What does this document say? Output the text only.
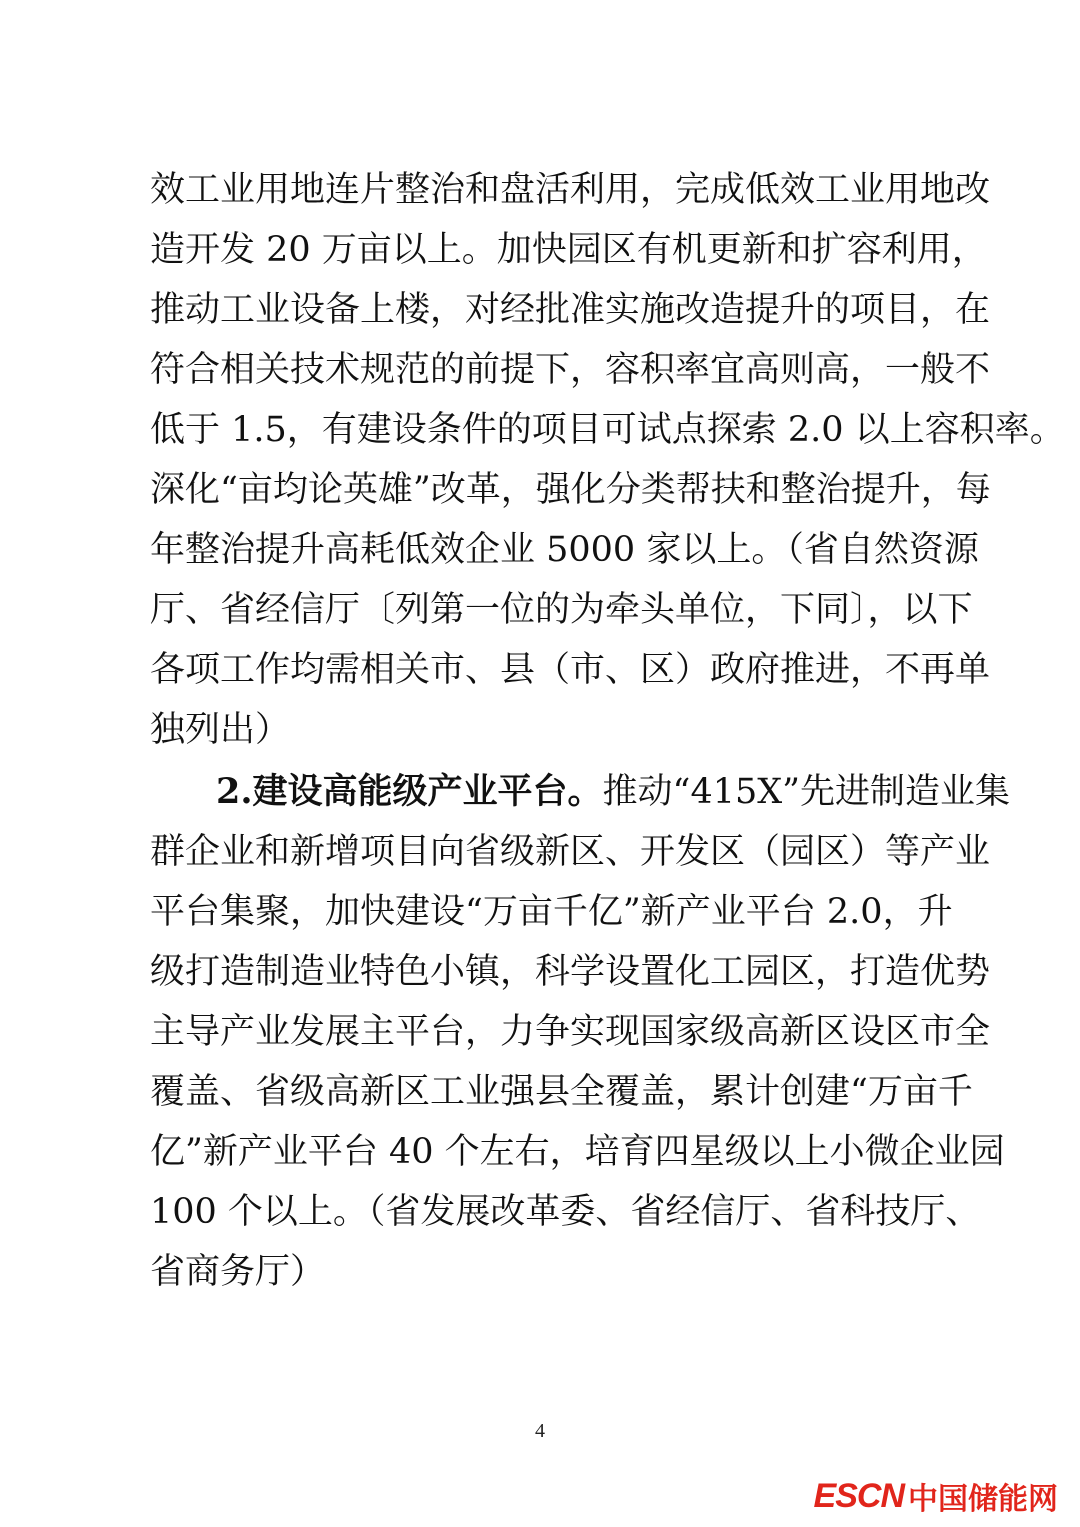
效工业用地连片整治和盘活利用，完成低效工业用地改
造开发 20 万亩以上。加快园区有机更新和扩容利用，
推动工业设备上楼，对经批准实施改造提升的项目，在
符合相关技术规范的前提下，容积率宜高则高，一般不
低于 1.5，有建设条件的项目可试点探索 2.0 以上容积率。
深化“亩均论英雄”改革，强化分类帮扶和整治提升，每
年整治提升高耗低效企业 5000 家以上。（省自然资源
厅、省经信厅〔列第一位的为牵头单位，下同〕，以下
各项工作均需相关市、县（市、区）政府推进，不再单
独列出）
2.建设高能级产业平台。推动“415X”先进制造业集
群企业和新增项目向省级新区、开发区（园区）等产业
平台集聚，加快建设“万亩千亿”新产业平台 2.0，升
级打造制造业特色小镇，科学设置化工园区，打造优势
主导产业发展主平台，力争实现国家级高新区设区市全
覆盖、省级高新区工业强县全覆盖，累计创建“万亩千
亿”新产业平台 40 个左右，培育四星级以上小微企业园
100 个以上。（省发展改革委、省经信厅、省科技厅、
省商务厅）
4
ESCN 中国储能网
